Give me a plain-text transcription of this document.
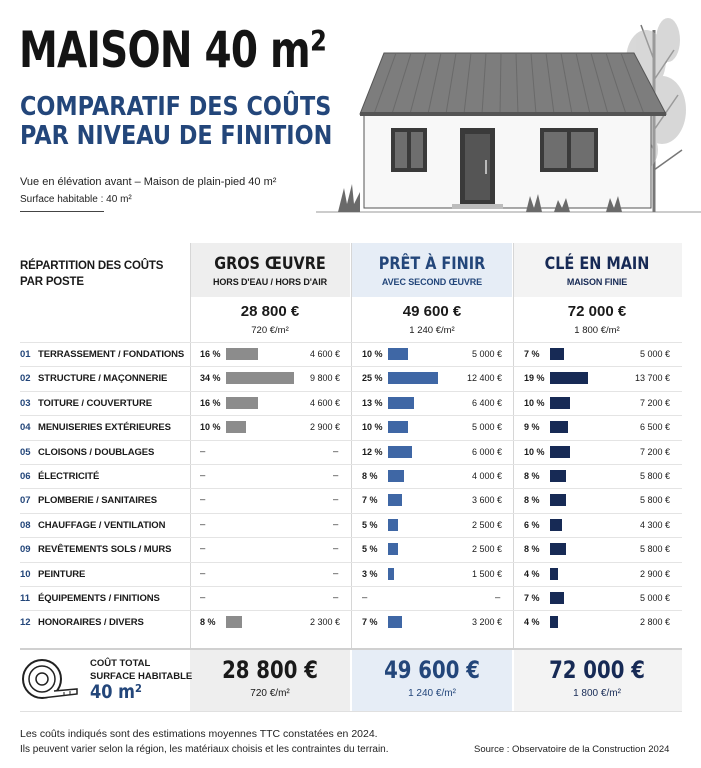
MAISON 40 m²
COMPARATIF DES COÛTS
PAR NIVEAU DE FINITION
Vue en élévation avant – Maison de plain-pied 40 m²
Surface habitable : 40 m²
RÉPARTITION DES COÛTS
PAR POSTE
GROS ŒUVRE
HORS D'EAU / HORS D'AIR
PRÊT À FINIR
AVEC SECOND ŒUVRE
CLÉ EN MAIN
MAISON FINIE
28 800 €
720 €/m²
49 600 €
1 240 €/m²
72 000 €
1 800 €/m²
01 TERRASSEMENT / FONDATIONS 16 %	4 600 € 10 %	5 000 € 7 %	5 000 €
02 STRUCTURE / MAÇONNERIE	34 %	9 800 € 25 %	12 400 € 19 %	13 700 €
03 TOITURE / COUVERTURE	16 %	4 600 € 13 %	6 400 € 10 %	7 200 €
04 MENUISERIES EXTÉRIEURES	10 %	2 900 € 10 %	5 000 € 9 %	6 500 €
05 CLOISONS / DOUBLAGES	–	–	12 %	6 000 € 10 %	7 200 €
06 ÉLECTRICITÉ	–	–	8 %	4 000 € 8 %	5 800 €
07 PLOMBERIE / SANITAIRES	–	–	7 %	3 600 € 8 %	5 800 €
08 CHAUFFAGE / VENTILATION	–	–	5 %	2 500 € 6 %	4 300 €
09 REVÊTEMENTS SOLS / MURS	–	–	5 %	2 500 € 8 %	5 800 €
10 PEINTURE	–	–	3 %	1 500 € 4 %	2 900 €
11 ÉQUIPEMENTS / FINITIONS	–	– –	–	7 %	5 000 €
12 HONORAIRES / DIVERS	8 %	2 300 € 7 %	3 200 € 4 %	2 800 €
COÛT TOTAL
SURFACE HABITABLE
40 m²
28 800 €
720 €/m²
49 600 €
1 240 €/m²
72 000 €
1 800 €/m²
Les coûts indiqués sont des estimations moyennes TTC constatées en 2024.
Ils peuvent varier selon la région, les matériaux choisis et les contraintes du terrain.	Source : Observatoire de la Construction 2024
